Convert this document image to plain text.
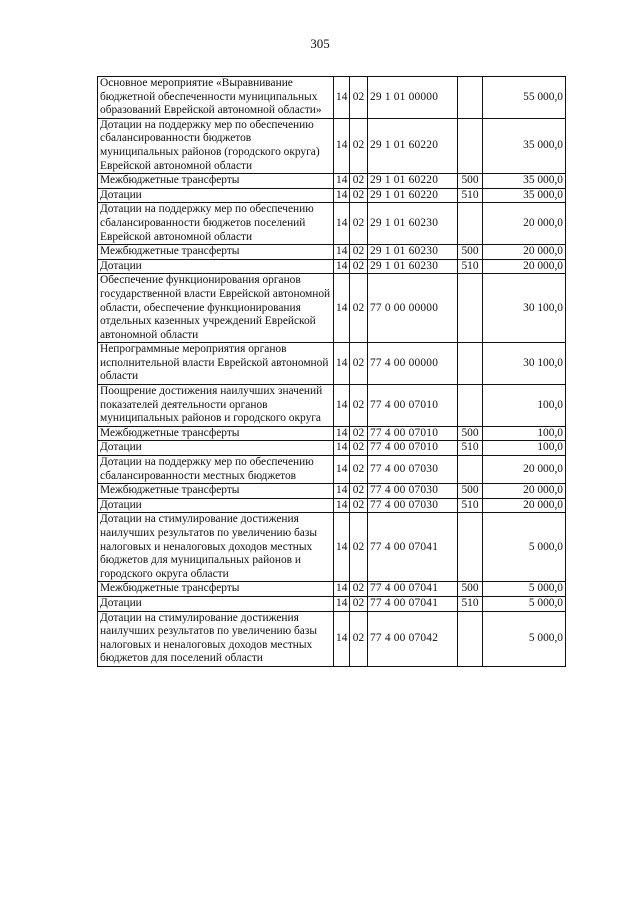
305
Основное мероприятие «Выравнивание бюджетной обеспеченности муниципальных образований Еврейской автономной области»	14	02	29 1 01 00000		55 000,0
Дотации на поддержку мер по обеспечению сбалансированности бюджетов муниципальных районов (городского округа) Еврейской автономной области	14	02	29 1 01 60220		35 000,0
Межбюджетные трансферты	14	02	29 1 01 60220	500	35 000,0
Дотации	14	02	29 1 01 60220	510	35 000,0
Дотации на поддержку мер по обеспечению сбалансированности бюджетов поселений Еврейской автономной области	14	02	29 1 01 60230		20 000,0
Межбюджетные трансферты	14	02	29 1 01 60230	500	20 000,0
Дотации	14	02	29 1 01 60230	510	20 000,0
Обеспечение функционирования органов государственной власти Еврейской автономной области, обеспечение функционирования отдельных казенных учреждений Еврейской автономной области	14	02	77 0 00 00000		30 100,0
Непрограммные мероприятия органов исполнительной власти Еврейской автономной области	14	02	77 4 00 00000		30 100,0
Поощрение достижения наилучших значений показателей деятельности органов муниципальных районов и городского округа	14	02	77 4 00 07010		100,0
Межбюджетные трансферты	14	02	77 4 00 07010	500	100,0
Дотации	14	02	77 4 00 07010	510	100,0
Дотации на поддержку мер по обеспечению сбалансированности местных бюджетов	14	02	77 4 00 07030		20 000,0
Межбюджетные трансферты	14	02	77 4 00 07030	500	20 000,0
Дотации	14	02	77 4 00 07030	510	20 000,0
Дотации на стимулирование достижения наилучших результатов по увеличению базы налоговых и неналоговых доходов местных бюджетов для муниципальных районов и городского округа области	14	02	77 4 00 07041		5 000,0
Межбюджетные трансферты	14	02	77 4 00 07041	500	5 000,0
Дотации	14	02	77 4 00 07041	510	5 000,0
Дотации на стимулирование достижения наилучших результатов по увеличению базы налоговых и неналоговых доходов местных бюджетов для поселений области	14	02	77 4 00 07042		5 000,0
